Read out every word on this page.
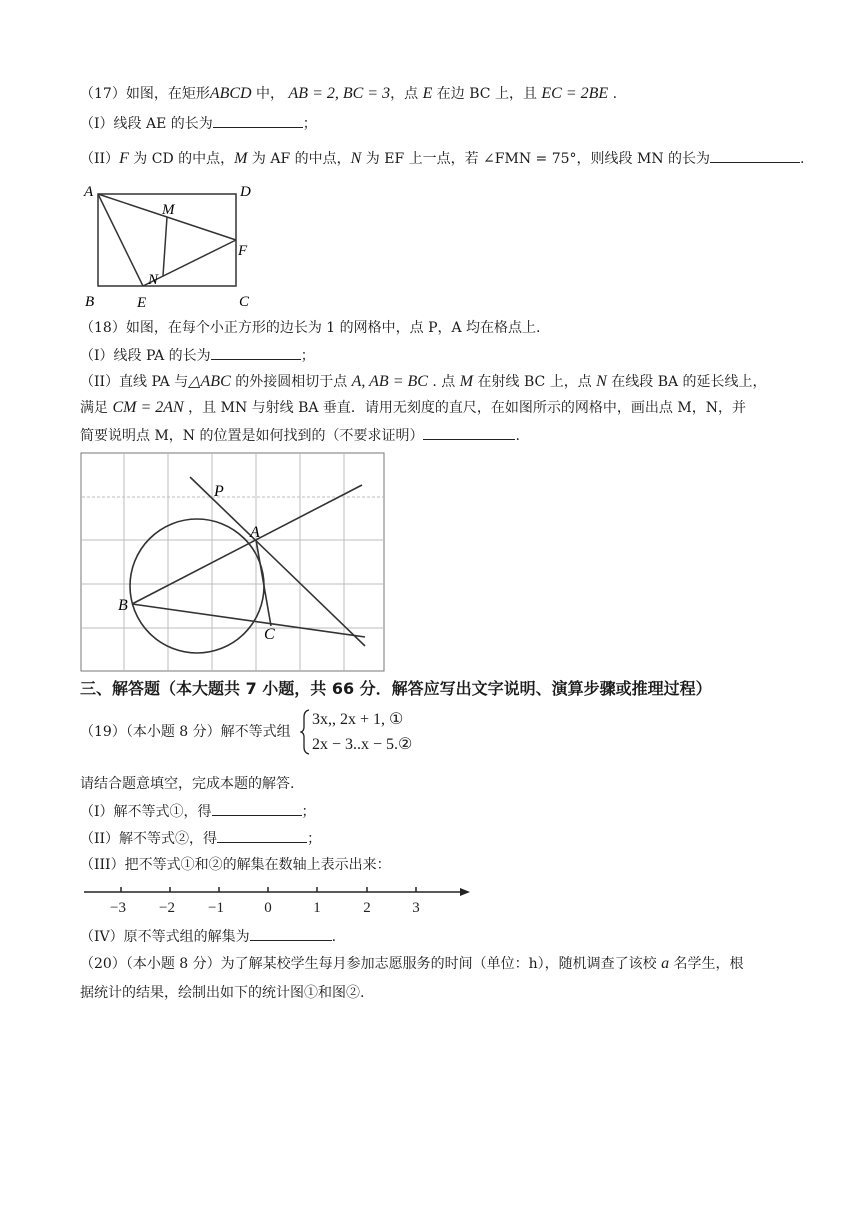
（17）如图，在矩形ABCD 中， AB = 2, BC = 3，点 E 在边 BC 上，且 EC = 2BE .
（I）线段 AE 的长为	；
（II）F 为 CD 的中点，M 为 AF 的中点，N 为 EF 上一点，若 ∠FMN = 75°，则线段 MN 的长为	.
A	D
M
F
N
B	E	C
（18）如图，在每个小正方形的边长为 1 的网格中，点 P，A 均在格点上.
（I）线段 PA 的长为	；
（II）直线 PA 与△ABC 的外接圆相切于点 A, AB = BC . 点 M 在射线 BC 上，点 N 在线段 BA 的延长线上，
满足 CM = 2AN ，且 MN 与射线 BA 垂直．请用无刻度的直尺，在如图所示的网格中，画出点 M，N，并
简要说明点 M，N 的位置是如何找到的（不要求证明）	.
P
A
B
C
三、解答题（本大题共 7 小题，共 66 分．解答应写出文字说明、演算步骤或推理过程）
（19）（本小题 8 分）解不等式组
3x,, 2x + 1, ①
2x − 3..x − 5.②
请结合题意填空，完成本题的解答.
（I）解不等式①，得	；
（II）解不等式②，得	；
（III）把不等式①和②的解集在数轴上表示出来：
−3 −2 −1	0	1	2	3
（IV）原不等式组的解集为	.
（20）（本小题 8 分）为了解某校学生每月参加志愿服务的时间（单位：h），随机调查了该校 a 名学生，根
据统计的结果，绘制出如下的统计图①和图②.
